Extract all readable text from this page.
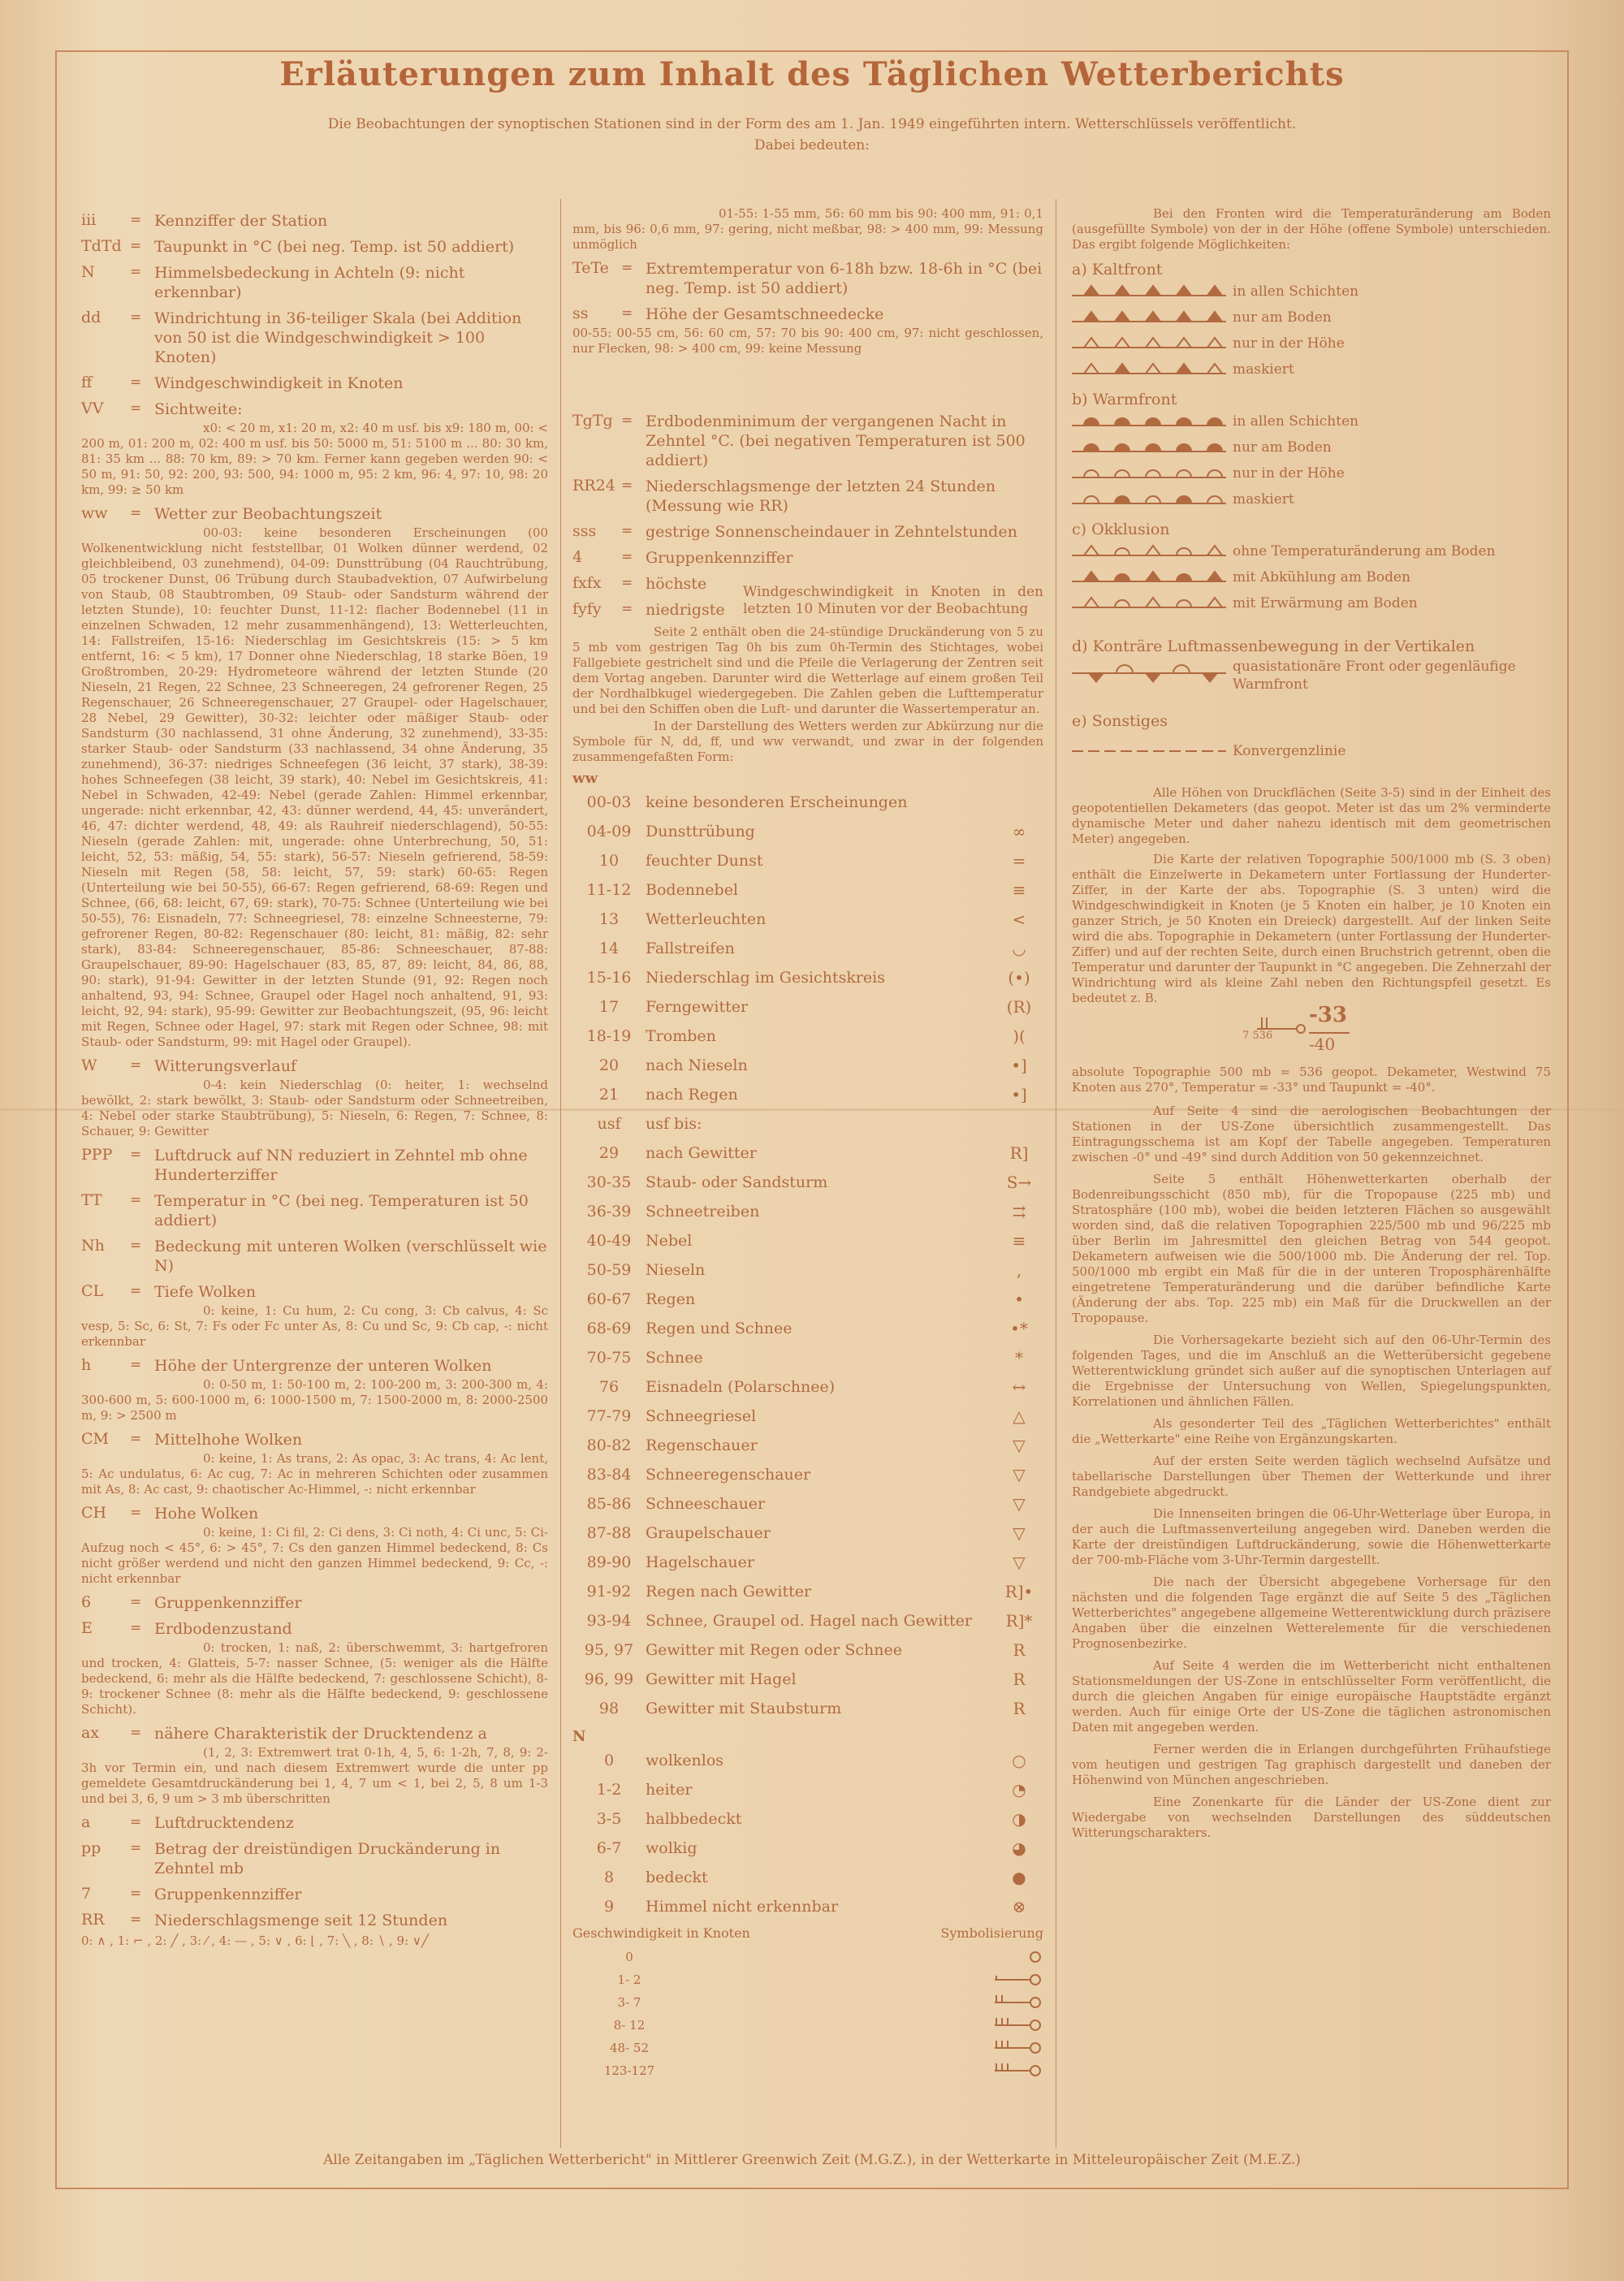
Erläuterungen zum Inhalt des Täglichen Wetterberichts
Die Beobachtungen der synoptischen Stationen sind in der Form des am 1. Jan. 1949 eingeführten intern. Wetterschlüssels veröffentlicht.
Dabei bedeuten:
iii	= Kennziffer der Station
TdTd = Taupunkt in °C (bei neg. Temp. ist 50 addiert)
N	= Himmelsbedeckung in Achteln (9: nicht erkennbar)
dd	= Windrichtung in 36-teiliger Skala (bei Addition von 50 ist die Windgeschwindigkeit > 100 Knoten)
ff	= Windgeschwindigkeit in Knoten
VV	= Sichtweite:

x0: < 20 m, x1: 20 m, x2: 40 m usf. bis x9: 180 m, 00: < 200 m, 01: 200 m, 02: 400 m usf. bis 50: 5000 m, 51: 5100 m ... 80: 30 km, 81: 35 km ... 88: 70 km, 89: > 70 km. Ferner kann gegeben werden 90: < 50 m, 91: 50, 92: 200, 93: 500, 94: 1000 m, 95: 2 km, 96: 4, 97: 10, 98: 20 km, 99: ≥ 50 km

ww	= Wetter zur Beobachtungszeit

00-03: keine besonderen Erscheinungen (00 Wolkenentwicklung nicht feststellbar, 01 Wolken dünner werdend, 02 gleichbleibend, 03 zunehmend), 04-09: Dunsttrübung (04 Rauchtrübung, 05 trockener Dunst, 06 Trübung durch Staubadvektion, 07 Aufwirbelung von Staub, 08 Staubtromben, 09 Staub- oder Sandsturm während der letzten Stunde), 10: feuchter Dunst, 11-12: flacher Bodennebel (11 in einzelnen Schwaden, 12 mehr zusammenhängend), 13: Wetterleuchten, 14: Fallstreifen, 15-16: Niederschlag im Gesichtskreis (15: > 5 km entfernt, 16: < 5 km), 17 Donner ohne Niederschlag, 18 starke Böen, 19 Großtromben, 20-29: Hydrometeore während der letzten Stunde (20 Nieseln, 21 Regen, 22 Schnee, 23 Schneeregen, 24 gefrorener Regen, 25 Regenschauer, 26 Schneeregenschauer, 27 Graupel- oder Hagelschauer, 28 Nebel, 29 Gewitter), 30-32: leichter oder mäßiger Staub- oder Sandsturm (30 nachlassend, 31 ohne Änderung, 32 zunehmend), 33-35: starker Staub- oder Sandsturm (33 nachlassend, 34 ohne Änderung, 35 zunehmend), 36-37: niedriges Schneefegen (36 leicht, 37 stark), 38-39: hohes Schneefegen (38 leicht, 39 stark), 40: Nebel im Gesichtskreis, 41: Nebel in Schwaden, 42-49: Nebel (gerade Zahlen: Himmel erkennbar, ungerade: nicht erkennbar, 42, 43: dünner werdend, 44, 45: unverändert, 46, 47: dichter werdend, 48, 49: als Rauhreif niederschlagend), 50-55: Nieseln (gerade Zahlen: mit, ungerade: ohne Unterbrechung, 50, 51: leicht, 52, 53: mäßig, 54, 55: stark), 56-57: Nieseln gefrierend, 58-59: Nieseln mit Regen (58, 58: leicht, 57, 59: stark) 60-65: Regen (Unterteilung wie bei 50-55), 66-67: Regen gefrierend, 68-69: Regen und Schnee, (66, 68: leicht, 67, 69: stark), 70-75: Schnee (Unterteilung wie bei 50-55), 76: Eisnadeln, 77: Schneegriesel, 78: einzelne Schneesterne, 79: gefrorener Regen, 80-82: Regenschauer (80: leicht, 81: mäßig, 82: sehr stark), 83-84: Schneeregenschauer, 85-86: Schneeschauer, 87-88: Graupelschauer, 89-90: Hagelschauer (83, 85, 87, 89: leicht, 84, 86, 88, 90: stark), 91-94: Gewitter in der letzten Stunde (91, 92: Regen noch anhaltend, 93, 94: Schnee, Graupel oder Hagel noch anhaltend, 91, 93: leicht, 92, 94: stark), 95-99: Gewitter zur Beobachtungszeit, (95, 96: leicht mit Regen, Schnee oder Hagel, 97: stark mit Regen oder Schnee, 98: mit Staub- oder Sandsturm, 99: mit Hagel oder Graupel).

W	= Witterungsverlauf

0-4: kein Niederschlag (0: heiter, 1: wechselnd bewölkt, 2: stark bewölkt, 3: Staub- oder Sandsturm oder Schneetreiben, 4: Nebel oder starke Staubtrübung), 5: Nieseln, 6: Regen, 7: Schnee, 8: Schauer, 9: Gewitter

PPP	= Luftdruck auf NN reduziert in Zehntel mb ohne Hunderterziffer
TT	= Temperatur in °C (bei neg. Temperaturen ist 50 addiert)
Nh	= Bedeckung mit unteren Wolken (verschlüsselt wie N)
CL	= Tiefe Wolken

0: keine, 1: Cu hum, 2: Cu cong, 3: Cb calvus, 4: Sc vesp, 5: Sc, 6: St, 7: Fs oder Fc unter As, 8: Cu und Sc, 9: Cb cap, -: nicht erkennbar

h	= Höhe der Untergrenze der unteren Wolken

0: 0-50 m, 1: 50-100 m, 2: 100-200 m, 3: 200-300 m, 4: 300-600 m, 5: 600-1000 m, 6: 1000-1500 m, 7: 1500-2000 m, 8: 2000-2500 m, 9: > 2500 m

CM	= Mittelhohe Wolken

0: keine, 1: As trans, 2: As opac, 3: Ac trans, 4: Ac lent, 5: Ac undulatus, 6: Ac cug, 7: Ac in mehreren Schichten oder zusammen mit As, 8: Ac cast, 9: chaotischer Ac-Himmel, -: nicht erkennbar

CH	= Hohe Wolken

0: keine, 1: Ci fil, 2: Ci dens, 3: Ci noth, 4: Ci unc, 5: Ci-Aufzug noch < 45°, 6: > 45°, 7: Cs den ganzen Himmel bedeckend, 8: Cs nicht größer werdend und nicht den ganzen Himmel bedeckend, 9: Cc, -: nicht erkennbar

6	= Gruppenkennziffer
E	= Erdbodenzustand

0: trocken, 1: naß, 2: überschwemmt, 3: hartgefroren und trocken, 4: Glatteis, 5-7: nasser Schnee, (5: weniger als die Hälfte bedeckend, 6: mehr als die Hälfte bedeckend, 7: geschlossene Schicht), 8-9: trockener Schnee (8: mehr als die Hälfte bedeckend, 9: geschlossene Schicht).

ax	= nähere Charakteristik der Drucktendenz a

(1, 2, 3: Extremwert trat 0-1h, 4, 5, 6: 1-2h, 7, 8, 9: 2-3h vor Termin ein, und nach diesem Extremwert wurde die unter pp gemeldete Gesamtdruckänderung bei 1, 4, 7 um < 1, bei 2, 5, 8 um 1-3 und bei 3, 6, 9 um > 3 mb überschritten

a	= Luftdrucktendenz
pp	= Betrag der dreistündigen Druckänderung in Zehntel mb
7	= Gruppenkennziffer
RR	= Niederschlagsmenge seit 12 Stunden

0: ∧ , 1: ⌐ , 2: ╱ , 3: ⁄ , 4: — , 5: ∨ , 6: ⌊ , 7: ╲ , 8: ∖ , 9: ∨╱

01-55: 1-55 mm, 56: 60 mm bis 90: 400 mm, 91: 0,1 mm, bis 96: 0,6 mm, 97: gering, nicht meßbar, 98: > 400 mm, 99: Messung unmöglich

TeTe = Extremtemperatur von 6-18h bzw. 18-6h in °C (bei neg. Temp. ist 50 addiert)
ss	= Höhe der Gesamtschneedecke

00-55: 00-55 cm, 56: 60 cm, 57: 70 bis 90: 400 cm, 97: nicht geschlossen, nur Flecken, 98: > 400 cm, 99: keine Messung

TgTg = Erdbodenminimum der vergangenen Nacht in Zehntel °C. (bei negativen Temperaturen ist 500 addiert)
RR24 = Niederschlagsmenge der letzten 24 Stunden (Messung wie RR)
sss	= gestrige Sonnenscheindauer in Zehntelstunden
4	= Gruppenkennziffer
fxfx	= höchste
fyfy	= niedrigste

Windgeschwindigkeit in Knoten in den letzten 10 Minuten vor der Beobachtung

Seite 2 enthält oben die 24-stündige Druckänderung von 5 zu 5 mb vom gestrigen Tag 0h bis zum 0h-Termin des Stichtages, wobei Fallgebiete gestrichelt sind und die Pfeile die Verlagerung der Zentren seit dem Vortag angeben. Darunter wird die Wetterlage auf einem großen Teil der Nordhalbkugel wiedergegeben. Die Zahlen geben die Lufttemperatur und bei den Schiffen oben die Luft- und darunter die Wassertemperatur an.

In der Darstellung des Wetters werden zur Abkürzung nur die Symbole für N, dd, ff, und ww verwandt, und zwar in der folgenden zusammengefaßten Form:

ww
00-03 keine besonderen Erscheinungen
04-09 Dunsttrübung	∞
10	feuchter Dunst	=
11-12 Bodennebel	≡
13	Wetterleuchten	<
14	Fallstreifen	◡
15-16 Niederschlag im Gesichtskreis	(•)
17	Ferngewitter	(R)
18-19 Tromben	)(
20	nach Nieseln	•]
21	nach Regen	•]
usf	usf bis:
29	nach Gewitter	R]
30-35 Staub- oder Sandsturm	S→
36-39 Schneetreiben	⇉
40-49 Nebel	≡
50-59 Nieseln	,
60-67 Regen	•
68-69 Regen und Schnee	•*
70-75 Schnee	*
76	Eisnadeln (Polarschnee)	↔
77-79 Schneegriesel	△
80-82 Regenschauer	▽
83-84 Schneeregenschauer	▽
85-86 Schneeschauer	▽
87-88 Graupelschauer	▽
89-90 Hagelschauer	▽
91-92 Regen nach Gewitter	R]•
93-94 Schnee, Graupel od. Hagel nach Gewitter	R]*
95, 97 Gewitter mit Regen oder Schnee	R
96, 99 Gewitter mit Hagel	R
98	Gewitter mit Staubsturm	R
N
0	wolkenlos	○
1-2	heiter	◔
3-5	halbbedeckt	◑
6-7	wolkig	◕
8	bedeckt	●
9	Himmel nicht erkennbar	⊗
Geschwindigkeit in Knoten	Symbolisierung
0
1- 2
3- 7
8- 12
48- 52
123-127

Bei den Fronten wird die Temperaturänderung am Boden (ausgefüllte Symbole) von der in der Höhe (offene Symbole) unterschieden. Das ergibt folgende Möglichkeiten:

a) Kaltfront
in allen Schichten
nur am Boden
nur in der Höhe
maskiert
b) Warmfront
in allen Schichten
nur am Boden
nur in der Höhe
maskiert
c) Okklusion
ohne Temperaturänderung am Boden
mit Abkühlung am Boden
mit Erwärmung am Boden
d) Konträre Luftmassenbewegung in der Vertikalen
quasistationäre Front oder gegenläufige Warmfront
e) Sonstiges
Konvergenzlinie

Alle Höhen von Druckflächen (Seite 3-5) sind in der Einheit des geopotentiellen Dekameters (das geopot. Meter ist das um 2% verminderte dynamische Meter und daher nahezu identisch mit dem geometrischen Meter) angegeben.

Die Karte der relativen Topographie 500/1000 mb (S. 3 oben) enthält die Einzelwerte in Dekametern unter Fortlassung der Hunderter-Ziffer, in der Karte der abs. Topographie (S. 3 unten) wird die Windgeschwindigkeit in Knoten (je 5 Knoten ein halber, je 10 Knoten ein ganzer Strich, je 50 Knoten ein Dreieck) dargestellt. Auf der linken Seite wird die abs. Topographie in Dekametern (unter Fortlassung der Hunderter-Ziffer) und auf der rechten Seite, durch einen Bruchstrich getrennt, oben die Temperatur und darunter der Taupunkt in °C angegeben. Die Zehnerzahl der Windrichtung wird als kleine Zahl neben den Richtungspfeil gesetzt. Es bedeutet z. B.

7 536
-33
-40

absolute Topographie 500 mb = 536 geopot. Dekameter, Westwind 75 Knoten aus 270°, Temperatur = -33° und Taupunkt = -40°.

Auf Seite 4 sind die aerologischen Beobachtungen der Stationen in der US-Zone übersichtlich zusammengestellt. Das Eintragungsschema ist am Kopf der Tabelle angegeben. Temperaturen zwischen -0° und -49° sind durch Addition von 50 gekennzeichnet.

Seite 5 enthält Höhenwetterkarten oberhalb der Bodenreibungsschicht (850 mb), für die Tropopause (225 mb) und Stratosphäre (100 mb), wobei die beiden letzteren Flächen so ausgewählt worden sind, daß die relativen Topographien 225/500 mb und 96/225 mb über Berlin im Jahresmittel den gleichen Betrag von 544 geopot. Dekametern aufweisen wie die 500/1000 mb. Die Änderung der rel. Top. 500/1000 mb ergibt ein Maß für die in der unteren Troposphärenhälfte eingetretene Temperaturänderung und die darüber befindliche Karte (Änderung der abs. Top. 225 mb) ein Maß für die Druckwellen an der Tropopause.

Die Vorhersagekarte bezieht sich auf den 06-Uhr-Termin des folgenden Tages, und die im Anschluß an die Wetterübersicht gegebene Wetterentwicklung gründet sich außer auf die synoptischen Unterlagen auf die Ergebnisse der Untersuchung von Wellen, Spiegelungspunkten, Korrelationen und ähnlichen Fällen.

Als gesonderter Teil des „Täglichen Wetterberichtes" enthält die „Wetterkarte" eine Reihe von Ergänzungskarten.

Auf der ersten Seite werden täglich wechselnd Aufsätze und tabellarische Darstellungen über Themen der Wetterkunde und ihrer Randgebiete abgedruckt.

Die Innenseiten bringen die 06-Uhr-Wetterlage über Europa, in der auch die Luftmassenverteilung angegeben wird. Daneben werden die Karte der dreistündigen Luftdruckänderung, sowie die Höhenwetterkarte der 700-mb-Fläche vom 3-Uhr-Termin dargestellt.

Die nach der Übersicht abgegebene Vorhersage für den nächsten und die folgenden Tage ergänzt die auf Seite 5 des „Täglichen Wetterberichtes" angegebene allgemeine Wetterentwicklung durch präzisere Angaben über die einzelnen Wetterelemente für die verschiedenen Prognosenbezirke.

Auf Seite 4 werden die im Wetterbericht nicht enthaltenen Stationsmeldungen der US-Zone in entschlüsselter Form veröffentlicht, die durch die gleichen Angaben für einige europäische Hauptstädte ergänzt werden. Auch für einige Orte der US-Zone die täglichen astronomischen Daten mit angegeben werden.

Ferner werden die in Erlangen durchgeführten Frühaufstiege vom heutigen und gestrigen Tag graphisch dargestellt und daneben der Höhenwind von München angeschrieben.

Eine Zonenkarte für die Länder der US-Zone dient zur Wiedergabe von wechselnden Darstellungen des süddeutschen Witterungscharakters.

Alle Zeitangaben im „Täglichen Wetterbericht" in Mittlerer Greenwich Zeit (M.G.Z.), in der Wetterkarte in Mitteleuropäischer Zeit (M.E.Z.)
